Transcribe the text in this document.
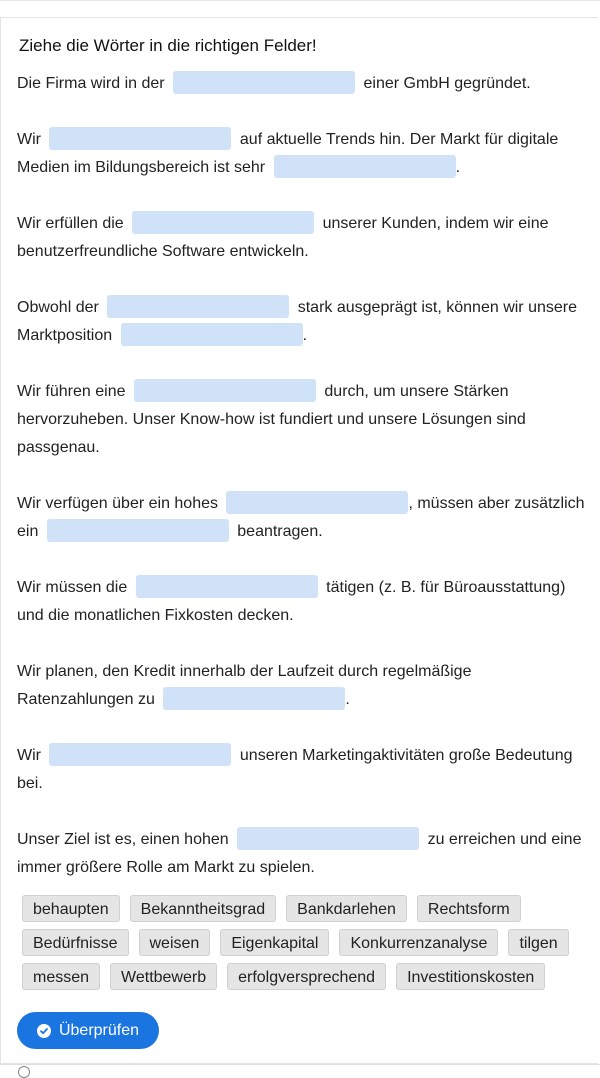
Ziehe die Wörter in die richtigen Felder!

Die Firma wird in der	einer GmbH gegründet.

Wir	auf aktuelle Trends hin. Der Markt für digitale Medien im Bildungsbereich ist sehr	.

Wir erfüllen die	unserer Kunden, indem wir eine benutzerfreundliche Software entwickeln.

Obwohl der	stark ausgeprägt ist, können wir unsere Marktposition	.

Wir führen eine	durch, um unsere Stärken hervorzuheben. Unser Know-how ist fundiert und unsere Lösungen sind passgenau.

Wir verfügen über ein hohes	, müssen aber zusätzlich ein	beantragen.

Wir müssen die	tätigen (z. B. für Büroausstattung) und die monatlichen Fixkosten decken.

Wir planen, den Kredit innerhalb der Laufzeit durch regelmäßige Ratenzahlungen zu	.

Wir	unseren Marketingaktivitäten große Bedeutung bei.

Unser Ziel ist es, einen hohen	zu erreichen und eine immer größere Rolle am Markt zu spielen.

behaupten Bekanntheitsgrad Bankdarlehen RechtsformBedürfnisse weisen Eigenkapital Konkurrenzanalyse tilgenmessen Wettbewerb erfolgversprechend Investitionskosten
Überprüfen
